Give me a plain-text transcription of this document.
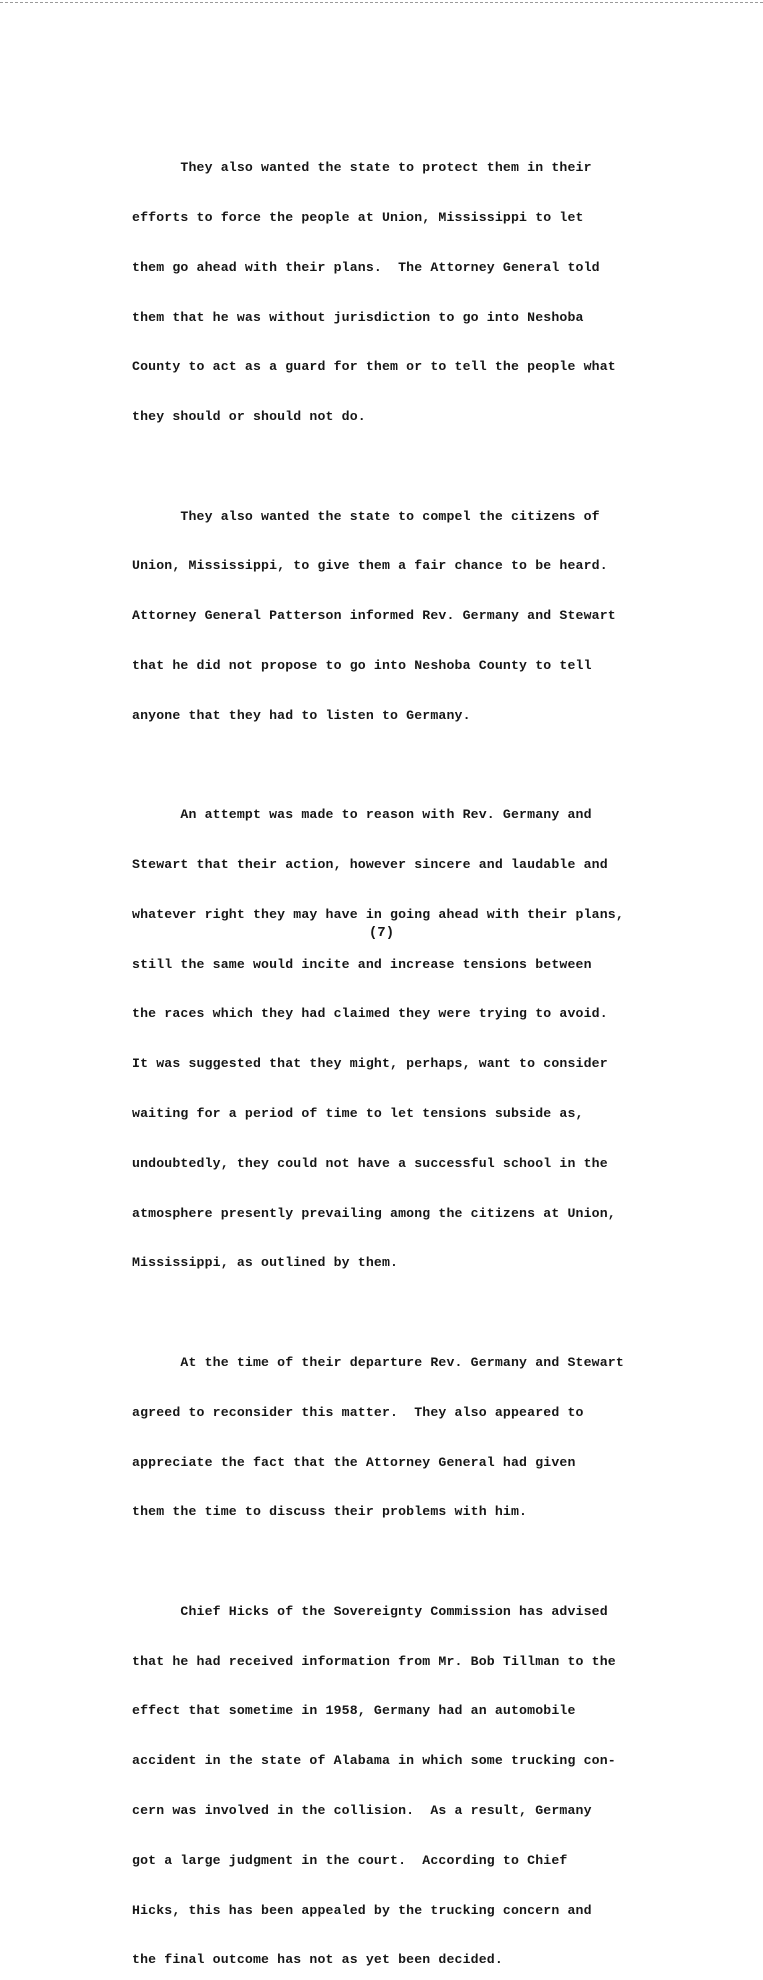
They also wanted the state to protect them in their

efforts to force the people at Union, Mississippi to let

them go ahead with their plans.  The Attorney General told

them that he was without jurisdiction to go into Neshoba

County to act as a guard for them or to tell the people what

they should or should not do.

They also wanted the state to compel the citizens of

Union, Mississippi, to give them a fair chance to be heard.

Attorney General Patterson informed Rev. Germany and Stewart

that he did not propose to go into Neshoba County to tell

anyone that they had to listen to Germany.

An attempt was made to reason with Rev. Germany and

Stewart that their action, however sincere and laudable and

whatever right they may have in going ahead with their plans,

still the same would incite and increase tensions between

the races which they had claimed they were trying to avoid.

It was suggested that they might, perhaps, want to consider

waiting for a period of time to let tensions subside as,

undoubtedly, they could not have a successful school in the

atmosphere presently prevailing among the citizens at Union,

Mississippi, as outlined by them.

At the time of their departure Rev. Germany and Stewart

agreed to reconsider this matter.  They also appeared to

appreciate the fact that the Attorney General had given

them the time to discuss their problems with him.

Chief Hicks of the Sovereignty Commission has advised

that he had received information from Mr. Bob Tillman to the

effect that sometime in 1958, Germany had an automobile

accident in the state of Alabama in which some trucking con-

cern was involved in the collision.  As a result, Germany

got a large judgment in the court.  According to Chief

Hicks, this has been appealed by the trucking concern and

the final outcome has not as yet been decided.

(7)
